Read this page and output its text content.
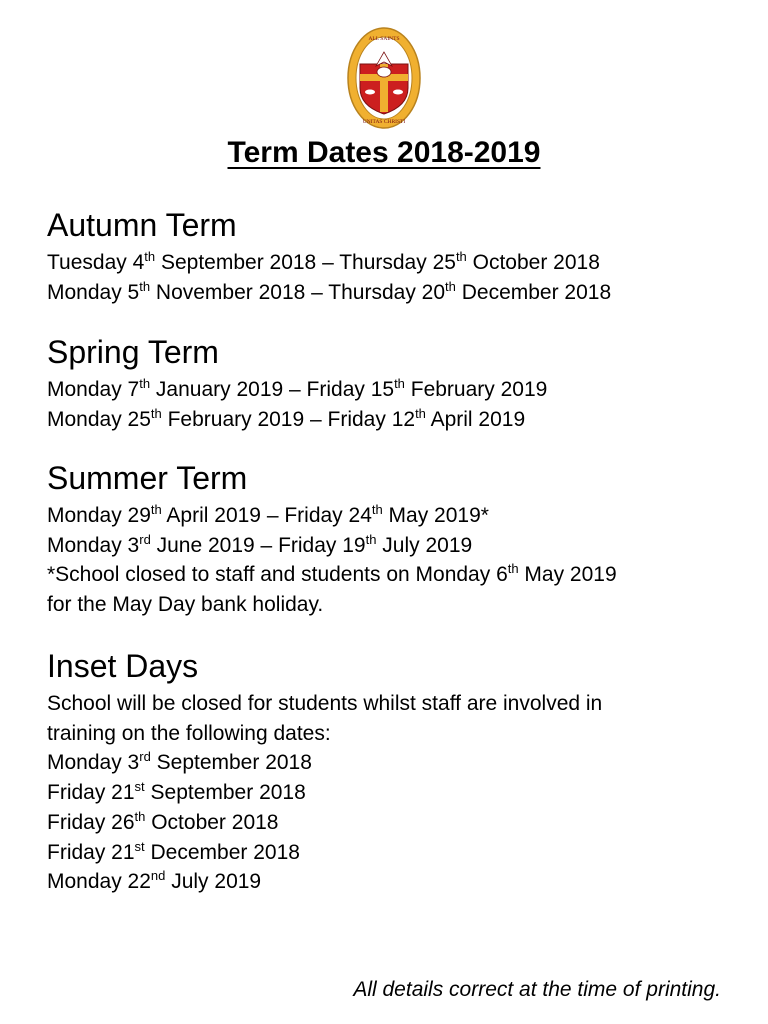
ALL SAINTS
UNITAS CHRISTI
Term Dates 2018-2019
Autumn Term
Tuesday 4th September 2018 – Thursday 25th October 2018
Monday 5th November 2018 – Thursday 20th December 2018
Spring Term
Monday 7th January 2019 – Friday 15th February 2019
Monday 25th February 2019 – Friday 12th April 2019
Summer Term
Monday 29th April 2019 – Friday 24th May 2019*
Monday 3rd June 2019 – Friday 19th July 2019
*School closed to staff and students on Monday 6th May 2019
for the May Day bank holiday.
Inset Days
School will be closed for students whilst staff are involved in
training on the following dates:
Monday 3rd September 2018
Friday 21st September 2018
Friday 26th October 2018
Friday 21st December 2018
Monday 22nd July 2019
All details correct at the time of printing.
